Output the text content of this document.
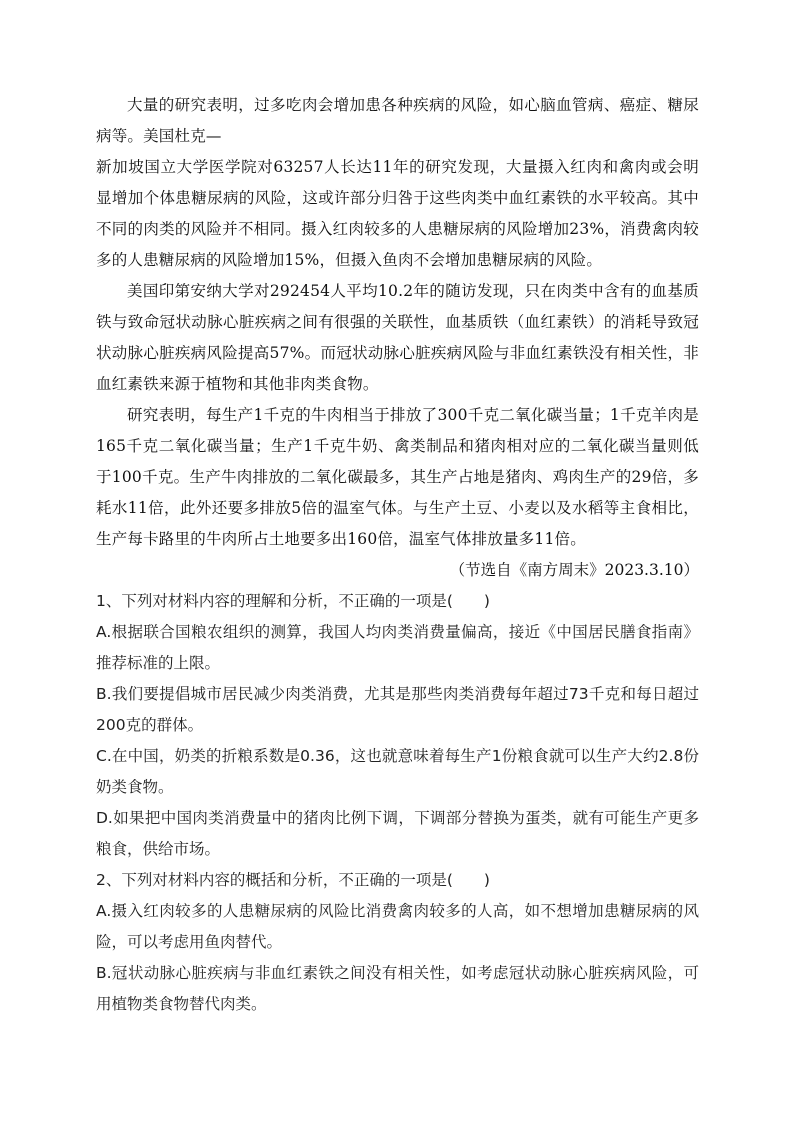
大量的研究表明，过多吃肉会增加患各种疾病的风险，如心脑血管病、癌症、糖尿病等。美国杜克—

新加坡国立大学医学院对63257人长达11年的研究发现，大量摄入红肉和禽肉或会明显增加个体患糖尿病的风险，这或许部分归咎于这些肉类中血红素铁的水平较高。其中不同的肉类的风险并不相同。摄入红肉较多的人患糖尿病的风险增加23%，消费禽肉较多的人患糖尿病的风险增加15%，但摄入鱼肉不会增加患糖尿病的风险。

美国印第安纳大学对292454人平均10.2年的随访发现，只在肉类中含有的血基质铁与致命冠状动脉心脏疾病之间有很强的关联性，血基质铁（血红素铁）的消耗导致冠状动脉心脏疾病风险提高57%。而冠状动脉心脏疾病风险与非血红素铁没有相关性，非血红素铁来源于植物和其他非肉类食物。

研究表明，每生产1千克的牛肉相当于排放了300千克二氧化碳当量；1千克羊肉是165千克二氧化碳当量；生产1千克牛奶、禽类制品和猪肉相对应的二氧化碳当量则低于100千克。生产牛肉排放的二氧化碳最多，其生产占地是猪肉、鸡肉生产的29倍，多耗水11倍，此外还要多排放5倍的温室气体。与生产土豆、小麦以及水稻等主食相比，生产每卡路里的牛肉所占土地要多出160倍，温室气体排放量多11倍。

（节选自《南方周末》2023.3.10）

1、下列对材料内容的理解和分析，不正确的一项是(　　)

A.根据联合国粮农组织的测算，我国人均肉类消费量偏高，接近《中国居民膳食指南》推荐标准的上限。

B.我们要提倡城市居民减少肉类消费，尤其是那些肉类消费每年超过73千克和每日超过200克的群体。

C.在中国，奶类的折粮系数是0.36，这也就意味着每生产1份粮食就可以生产大约2.8份奶类食物。

D.如果把中国肉类消费量中的猪肉比例下调，下调部分替换为蛋类，就有可能生产更多粮食，供给市场。

2、下列对材料内容的概括和分析，不正确的一项是(　　)

A.摄入红肉较多的人患糖尿病的风险比消费禽肉较多的人高，如不想增加患糖尿病的风险，可以考虑用鱼肉替代。

B.冠状动脉心脏疾病与非血红素铁之间没有相关性，如考虑冠状动脉心脏疾病风险，可用植物类食物替代肉类。
